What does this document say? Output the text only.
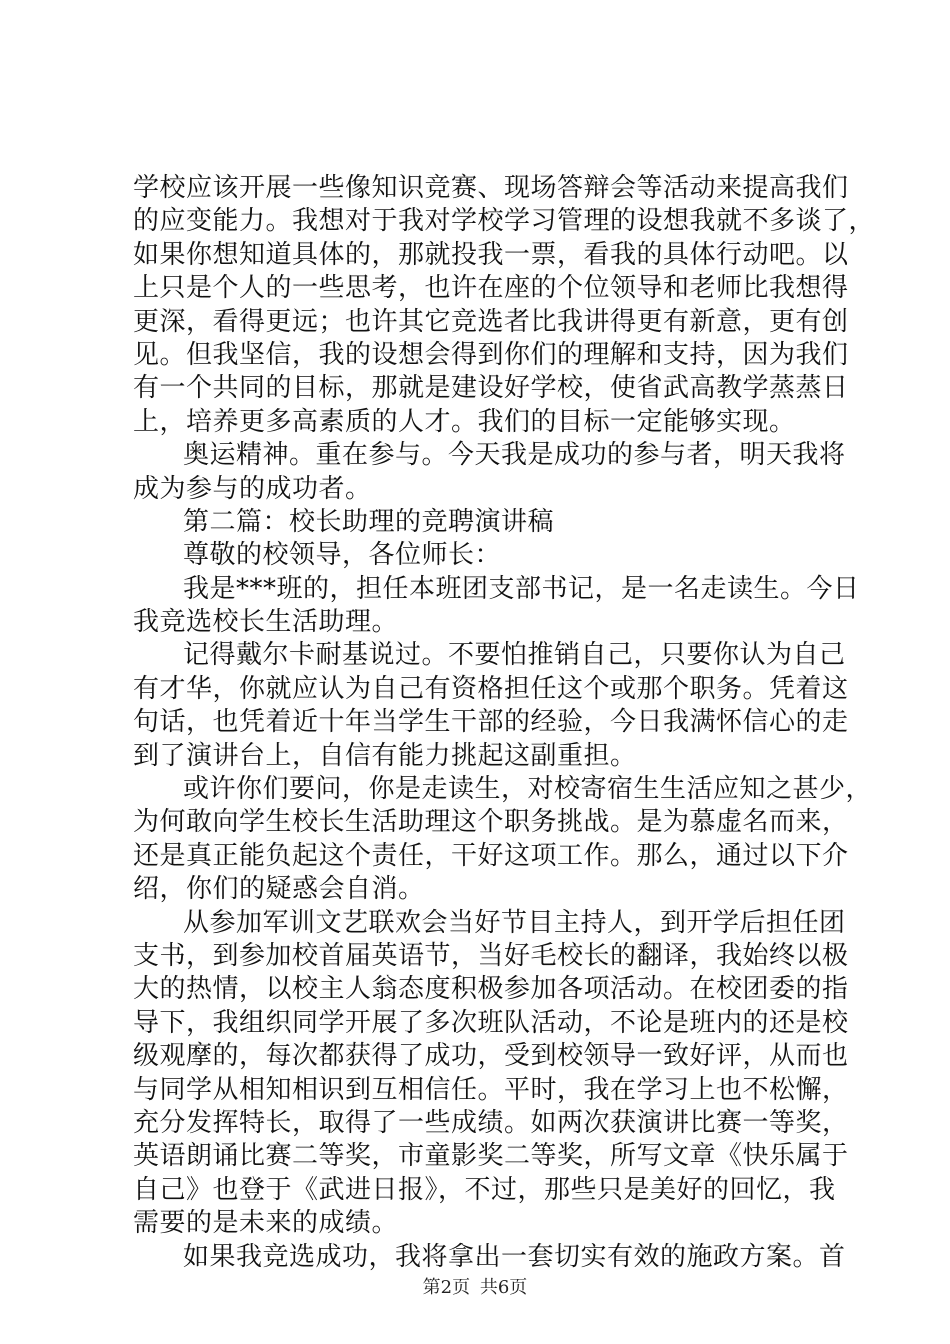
学校应该开展一些像知识竞赛、现场答辩会等活动来提高我们
的应变能力。我想对于我对学校学习管理的设想我就不多谈了，
如果你想知道具体的，那就投我一票，看我的具体行动吧。以
上只是个人的一些思考，也许在座的个位领导和老师比我想得
更深，看得更远；也许其它竞选者比我讲得更有新意，更有创
见。但我坚信，我的设想会得到你们的理解和支持，因为我们
有一个共同的目标，那就是建设好学校，使省武高教学蒸蒸日
上，培养更多高素质的人才。我们的目标一定能够实现。
奥运精神。重在参与。今天我是成功的参与者，明天我将
成为参与的成功者。
第二篇：校长助理的竞聘演讲稿
尊敬的校领导，各位师长：
我是***班的，担任本班团支部书记，是一名走读生。今日
我竞选校长生活助理。
记得戴尔卡耐基说过。不要怕推销自己，只要你认为自己
有才华，你就应认为自己有资格担任这个或那个职务。凭着这
句话，也凭着近十年当学生干部的经验，今日我满怀信心的走
到了演讲台上，自信有能力挑起这副重担。
或许你们要问，你是走读生，对校寄宿生生活应知之甚少，
为何敢向学生校长生活助理这个职务挑战。是为慕虚名而来，
还是真正能负起这个责任，干好这项工作。那么，通过以下介
绍，你们的疑惑会自消。
从参加军训文艺联欢会当好节目主持人，到开学后担任团
支书，到参加校首届英语节，当好毛校长的翻译，我始终以极
大的热情，以校主人翁态度积极参加各项活动。在校团委的指
导下，我组织同学开展了多次班队活动，不论是班内的还是校
级观摩的，每次都获得了成功，受到校领导一致好评，从而也
与同学从相知相识到互相信任。平时，我在学习上也不松懈，
充分发挥特长，取得了一些成绩。如两次获演讲比赛一等奖，
英语朗诵比赛二等奖，市童影奖二等奖，所写文章《快乐属于
自己》也登于《武进日报》，不过，那些只是美好的回忆，我
需要的是未来的成绩。
如果我竞选成功，我将拿出一套切实有效的施政方案。首
第2页 共6页
